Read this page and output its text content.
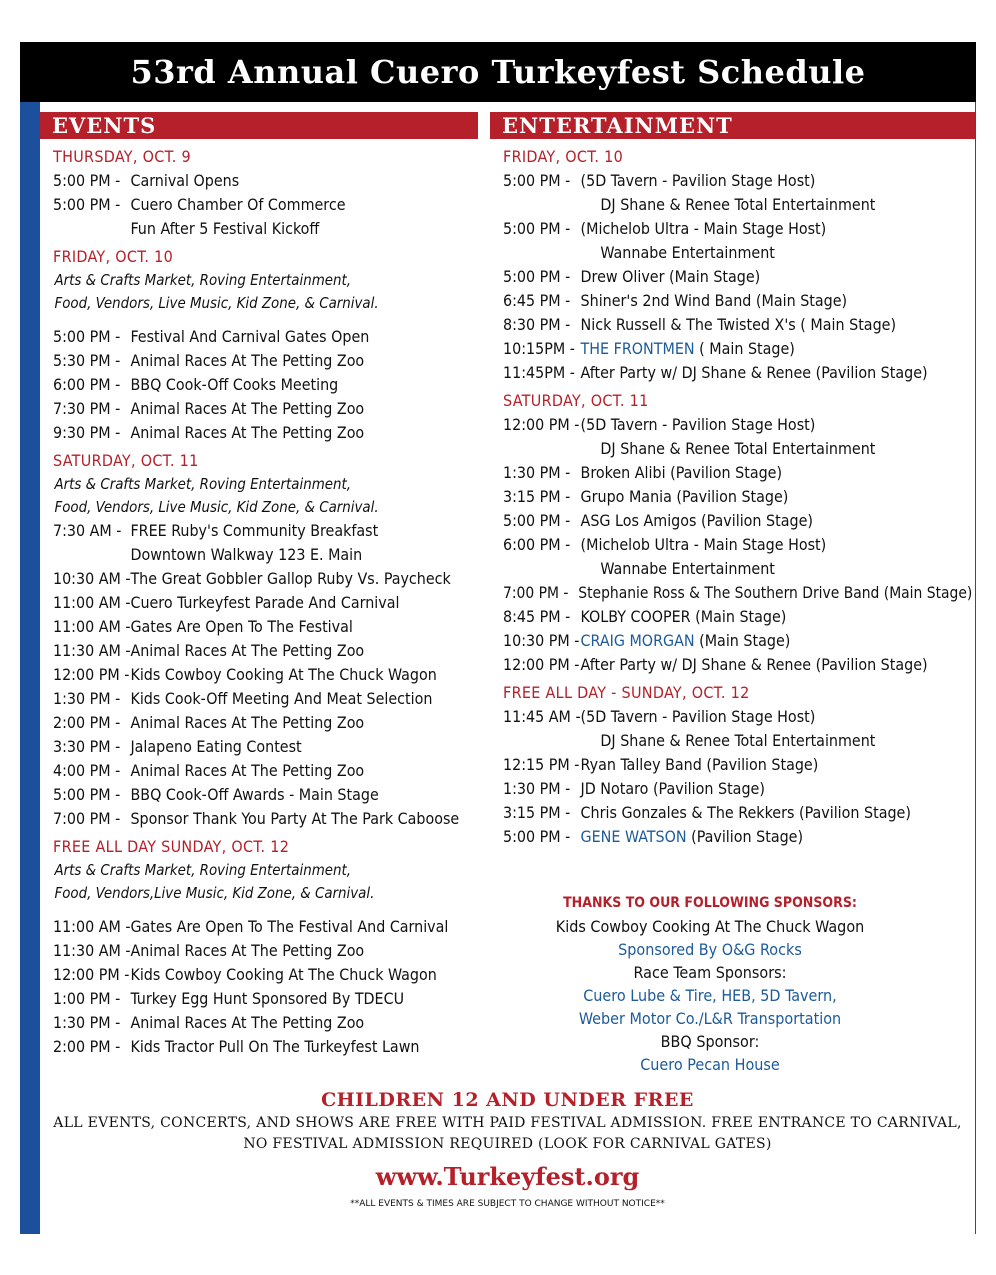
53rd Annual Cuero Turkeyfest Schedule
EVENTS
THURSDAY, OCT. 9
5:00 PM - Carnival Opens
5:00 PM - Cuero Chamber Of Commerce
Fun After 5 Festival Kickoff
FRIDAY, OCT. 10
Arts & Crafts Market, Roving Entertainment,
Food, Vendors, Live Music, Kid Zone, & Carnival.
5:00 PM - Festival And Carnival Gates Open
5:30 PM - Animal Races At The Petting Zoo
6:00 PM - BBQ Cook-Off Cooks Meeting
7:30 PM - Animal Races At The Petting Zoo
9:30 PM - Animal Races At The Petting Zoo
SATURDAY, OCT. 11
Arts & Crafts Market, Roving Entertainment,
Food, Vendors, Live Music, Kid Zone, & Carnival.
7:30 AM - FREE Ruby's Community Breakfast
Downtown Walkway 123 E. Main
10:30 AM -The Great Gobbler Gallop Ruby Vs. Paycheck
11:00 AM -Cuero Turkeyfest Parade And Carnival
11:00 AM -Gates Are Open To The Festival
11:30 AM -Animal Races At The Petting Zoo
12:00 PM -Kids Cowboy Cooking At The Chuck Wagon
1:30 PM - Kids Cook-Off Meeting And Meat Selection
2:00 PM - Animal Races At The Petting Zoo
3:30 PM - Jalapeno Eating Contest
4:00 PM - Animal Races At The Petting Zoo
5:00 PM - BBQ Cook-Off Awards - Main Stage
7:00 PM - Sponsor Thank You Party At The Park Caboose
FREE ALL DAY SUNDAY, OCT. 12
Arts & Crafts Market, Roving Entertainment,
Food, Vendors,Live Music, Kid Zone, & Carnival.
11:00 AM -Gates Are Open To The Festival And Carnival
11:30 AM -Animal Races At The Petting Zoo
12:00 PM -Kids Cowboy Cooking At The Chuck Wagon
1:00 PM - Turkey Egg Hunt Sponsored By TDECU
1:30 PM - Animal Races At The Petting Zoo
2:00 PM - Kids Tractor Pull On The Turkeyfest Lawn
ENTERTAINMENT
FRIDAY, OCT. 10
5:00 PM - (5D Tavern - Pavilion Stage Host)
DJ Shane & Renee Total Entertainment
5:00 PM - (Michelob Ultra - Main Stage Host)
Wannabe Entertainment
5:00 PM - Drew Oliver (Main Stage)
6:45 PM - Shiner's 2nd Wind Band (Main Stage)
8:30 PM - Nick Russell & The Twisted X's ( Main Stage)
10:15PM - THE FRONTMEN ( Main Stage)
11:45PM - After Party w/ DJ Shane & Renee (Pavilion Stage)
SATURDAY, OCT. 11
12:00 PM -(5D Tavern - Pavilion Stage Host)
DJ Shane & Renee Total Entertainment
1:30 PM - Broken Alibi (Pavilion Stage)
3:15 PM - Grupo Mania (Pavilion Stage)
5:00 PM - ASG Los Amigos (Pavilion Stage)
6:00 PM - (Michelob Ultra - Main Stage Host)
Wannabe Entertainment
7:00 PM - Stephanie Ross & The Southern Drive Band (Main Stage)
8:45 PM - KOLBY COOPER (Main Stage)
10:30 PM -CRAIG MORGAN (Main Stage)
12:00 PM -After Party w/ DJ Shane & Renee (Pavilion Stage)
FREE ALL DAY - SUNDAY, OCT. 12
11:45 AM -(5D Tavern - Pavilion Stage Host)
DJ Shane & Renee Total Entertainment
12:15 PM -Ryan Talley Band (Pavilion Stage)
1:30 PM - JD Notaro (Pavilion Stage)
3:15 PM - Chris Gonzales & The Rekkers (Pavilion Stage)
5:00 PM - GENE WATSON (Pavilion Stage)
THANKS TO OUR FOLLOWING SPONSORS:
Kids Cowboy Cooking At The Chuck Wagon
Sponsored By O&G Rocks
Race Team Sponsors:
Cuero Lube & Tire, HEB, 5D Tavern,
Weber Motor Co./L&R Transportation
BBQ Sponsor:
Cuero Pecan House
CHILDREN 12 AND UNDER FREE
ALL EVENTS, CONCERTS, AND SHOWS ARE FREE WITH PAID FESTIVAL ADMISSION. FREE ENTRANCE TO CARNIVAL,
NO FESTIVAL ADMISSION REQUIRED (LOOK FOR CARNIVAL GATES)
www.Turkeyfest.org
**ALL EVENTS & TIMES ARE SUBJECT TO CHANGE WITHOUT NOTICE**
